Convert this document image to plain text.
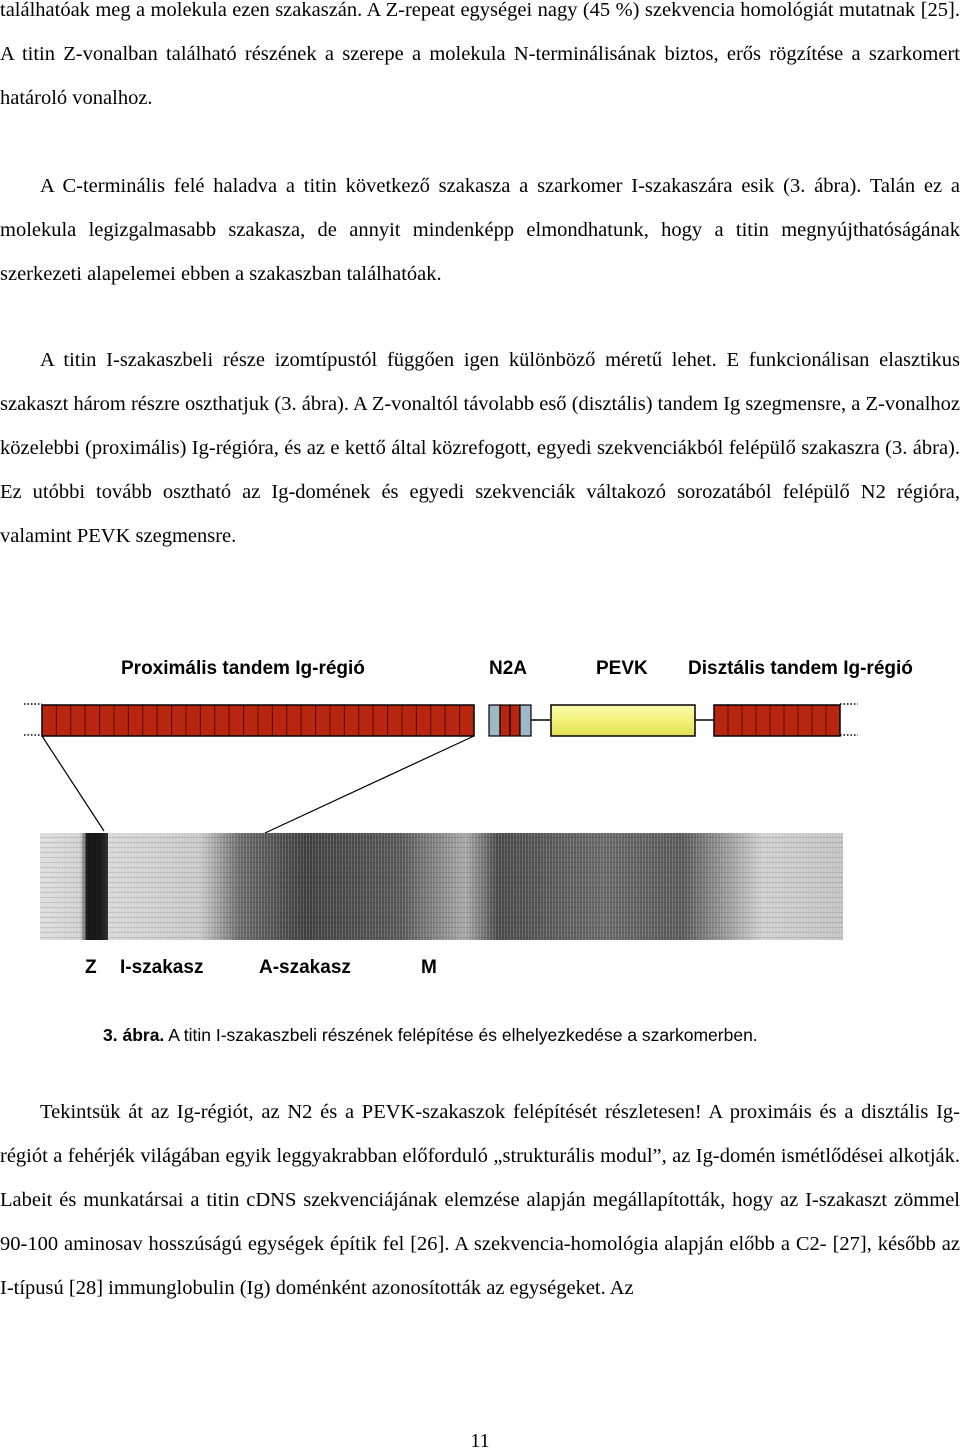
találhatóak meg a molekula ezen szakaszán. A Z-repeat egységei nagy (45 %) szekvencia homológiát mutatnak [25]. A titin Z-vonalban található részének a szerepe a molekula N-terminálisának biztos, erős rögzítése a szarkomert határoló vonalhoz.

A C-terminális felé haladva a titin következő szakasza a szarkomer I-szakaszára esik (3. ábra). Talán ez a molekula legizgalmasabb szakasza, de annyit mindenképp elmondhatunk, hogy a titin megnyújthatóságának szerkezeti alapelemei ebben a szakaszban találhatóak.

A titin I-szakaszbeli része izomtípustól függően igen különböző méretű lehet. E funkcionálisan elasztikus szakaszt három részre oszthatjuk (3. ábra). A Z-vonaltól távolabb eső (disztális) tandem Ig szegmensre, a Z-vonalhoz közelebbi (proximális) Ig-régióra, és az e kettő által közrefogott, egyedi szekvenciákból felépülő szakaszra (3. ábra). Ez utóbbi tovább osztható az Ig-domének és egyedi szekvenciák váltakozó sorozatából felépülő N2 régióra, valamint PEVK szegmensre.

Proximális tandem Ig-régió	N2A	PEVK Disztális tandem Ig-régió
Z I-szakasz	A-szakasz	M
3. ábra. A titin I-szakaszbeli részének felépítése és elhelyezkedése a szarkomerben.

Tekintsük át az Ig-régiót, az N2 és a PEVK-szakaszok felépítését részletesen! A proximáis és a disztális Ig-régiót a fehérjék világában egyik leggyakrabban előforduló „strukturális modul”, az Ig-domén ismétlődései alkotják. Labeit és munkatársai a titin cDNS szekvenciájának elemzése alapján megállapították, hogy az I-szakaszt zömmel 90-100 aminosav hosszúságú egységek építik fel [26]. A szekvencia-homológia alapján előbb a C2- [27], később az I-típusú [28] immunglobulin (Ig) doménként azonosították az egységeket. Az

11
